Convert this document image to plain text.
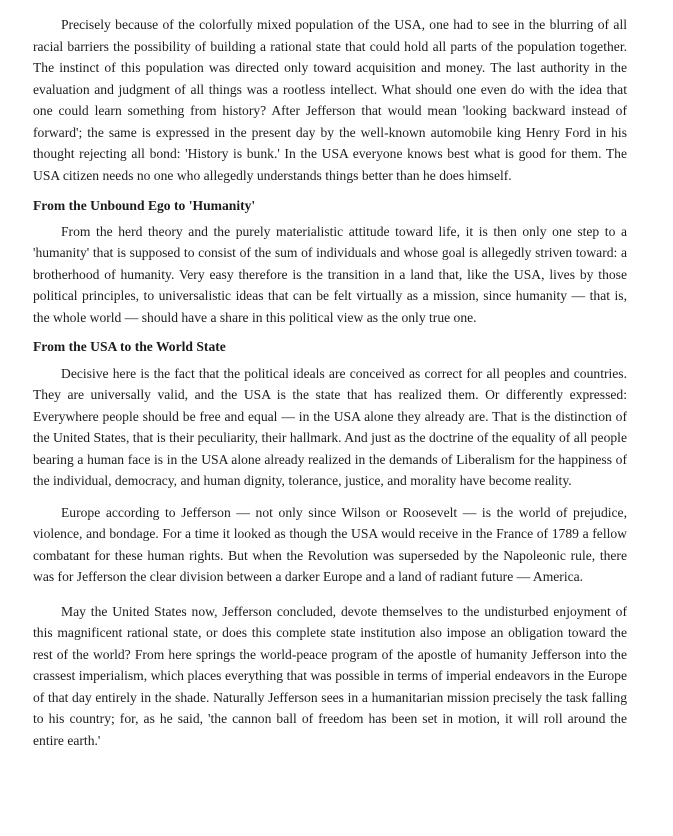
Precisely because of the colorfully mixed population of the USA, one had to see in the blurring of all racial barriers the possibility of building a rational state that could hold all parts of the population together. The instinct of this population was directed only toward acquisition and money. The last authority in the evaluation and judgment of all things was a rootless intellect. What should one even do with the idea that one could learn something from history? After Jefferson that would mean 'looking backward instead of forward'; the same is expressed in the present day by the well-known automobile king Henry Ford in his thought rejecting all bond: 'History is bunk.' In the USA everyone knows best what is good for them. The USA citizen needs no one who allegedly understands things better than he does himself.

From the Unbound Ego to 'Humanity'

From the herd theory and the purely materialistic attitude toward life, it is then only one step to a 'humanity' that is supposed to consist of the sum of individuals and whose goal is allegedly striven toward: a brotherhood of humanity. Very easy therefore is the transition in a land that, like the USA, lives by those political principles, to universalistic ideas that can be felt virtually as a mission, since humanity — that is, the whole world — should have a share in this political view as the only true one.

From the USA to the World State

Decisive here is the fact that the political ideals are conceived as correct for all peoples and countries. They are universally valid, and the USA is the state that has realized them. Or differently expressed: Everywhere people should be free and equal — in the USA alone they already are. That is the distinction of the United States, that is their peculiarity, their hallmark. And just as the doctrine of the equality of all people bearing a human face is in the USA alone already realized in the demands of Liberalism for the happiness of the individual, democracy, and human dignity, tolerance, justice, and morality have become reality.

Europe according to Jefferson — not only since Wilson or Roosevelt — is the world of prejudice, violence, and bondage. For a time it looked as though the USA would receive in the France of 1789 a fellow combatant for these human rights. But when the Revolution was superseded by the Napoleonic rule, there was for Jefferson the clear division between a darker Europe and a land of radiant future — America.

May the United States now, Jefferson concluded, devote themselves to the undisturbed enjoyment of this magnificent rational state, or does this complete state institution also impose an obligation toward the rest of the world? From here springs the world-peace program of the apostle of humanity Jefferson into the crassest imperialism, which places everything that was possible in terms of imperial endeavors in the Europe of that day entirely in the shade. Naturally Jefferson sees in a humanitarian mission precisely the task falling to his country; for, as he said, 'the cannon ball of freedom has been set in motion, it will roll around the entire earth.'
